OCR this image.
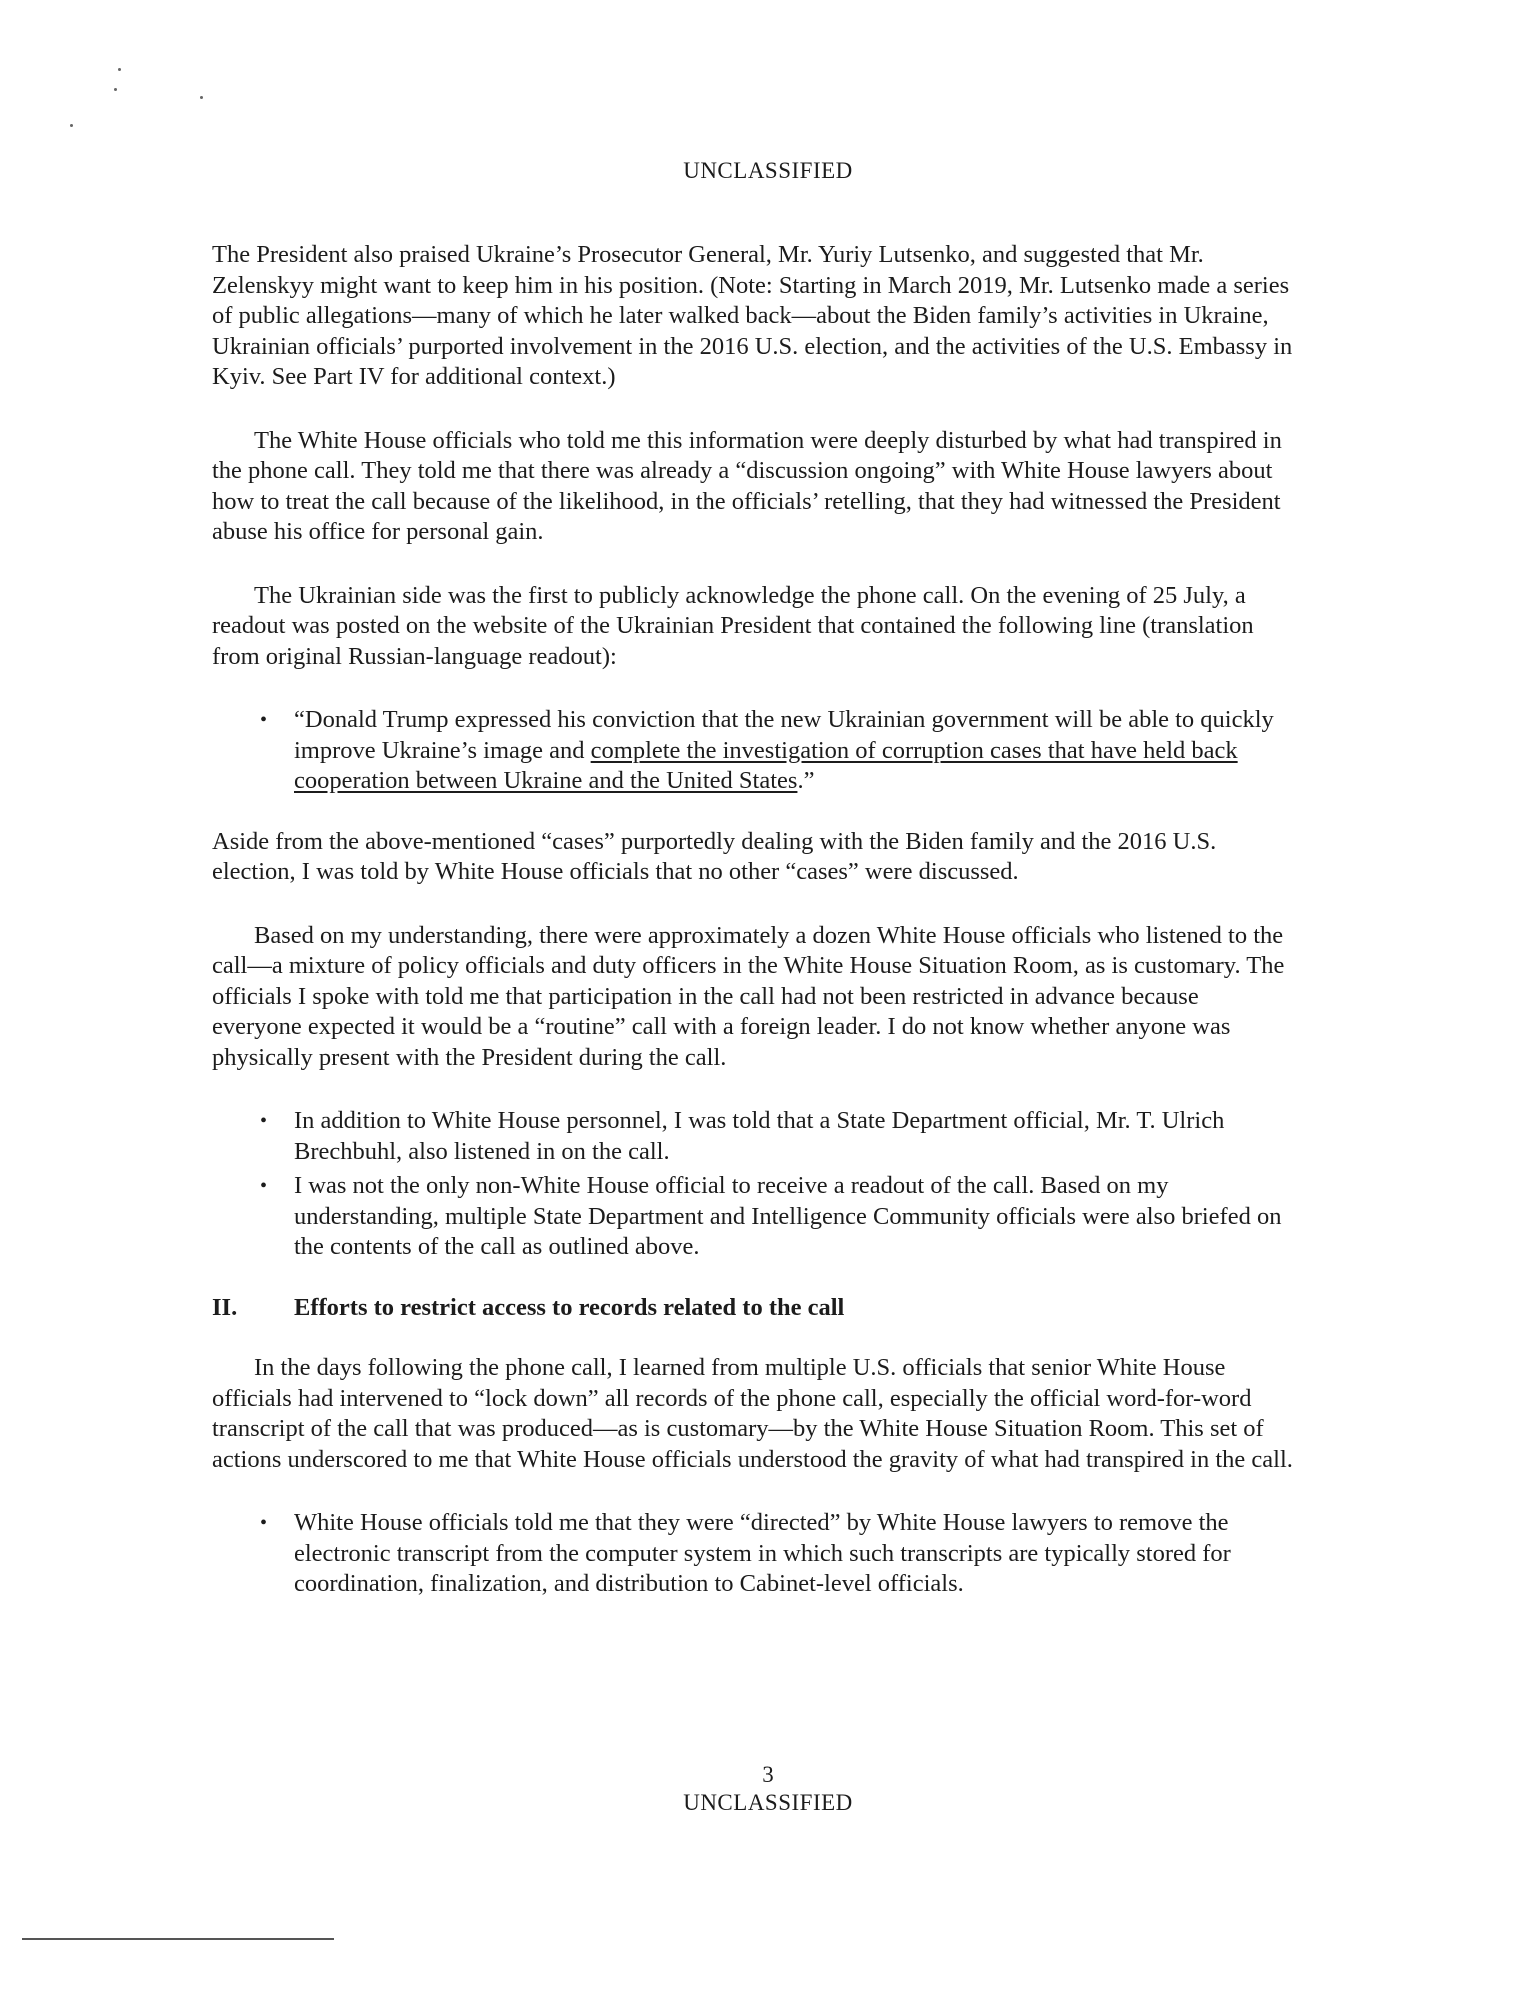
UNCLASSIFIED

The President also praised Ukraine’s Prosecutor General, Mr. Yuriy Lutsenko, and suggested that Mr. Zelenskyy might want to keep him in his position. (Note: Starting in March 2019, Mr. Lutsenko made a series of public allegations—many of which he later walked back—about the Biden family’s activities in Ukraine, Ukrainian officials’ purported involvement in the 2016 U.S. election, and the activities of the U.S. Embassy in Kyiv. See Part IV for additional context.)

The White House officials who told me this information were deeply disturbed by what had transpired in the phone call. They told me that there was already a “discussion ongoing” with White House lawyers about how to treat the call because of the likelihood, in the officials’ retelling, that they had witnessed the President abuse his office for personal gain.

The Ukrainian side was the first to publicly acknowledge the phone call. On the evening of 25 July, a readout was posted on the website of the Ukrainian President that contained the following line (translation from original Russian-language readout):

•
“Donald Trump expressed his conviction that the new Ukrainian government will be able to quickly improve Ukraine’s image and complete the investigation of corruption cases that have held back cooperation between Ukraine and the United States.”

Aside from the above-mentioned “cases” purportedly dealing with the Biden family and the 2016 U.S. election, I was told by White House officials that no other “cases” were discussed.

Based on my understanding, there were approximately a dozen White House officials who listened to the call—a mixture of policy officials and duty officers in the White House Situation Room, as is customary. The officials I spoke with told me that participation in the call had not been restricted in advance because everyone expected it would be a “routine” call with a foreign leader. I do not know whether anyone was physically present with the President during the call.

•
In addition to White House personnel, I was told that a State Department official, Mr. T. Ulrich Brechbuhl, also listened in on the call.
•
I was not the only non-White House official to receive a readout of the call. Based on my understanding, multiple State Department and Intelligence Community officials were also briefed on the contents of the call as outlined above.
II.	Efforts to restrict access to records related to the call

In the days following the phone call, I learned from multiple U.S. officials that senior White House officials had intervened to “lock down” all records of the phone call, especially the official word-for-word transcript of the call that was produced—as is customary—by the White House Situation Room. This set of actions underscored to me that White House officials understood the gravity of what had transpired in the call.

•
White House officials told me that they were “directed” by White House lawyers to remove the electronic transcript from the computer system in which such transcripts are typically stored for coordination, finalization, and distribution to Cabinet-level officials.
3
UNCLASSIFIED
